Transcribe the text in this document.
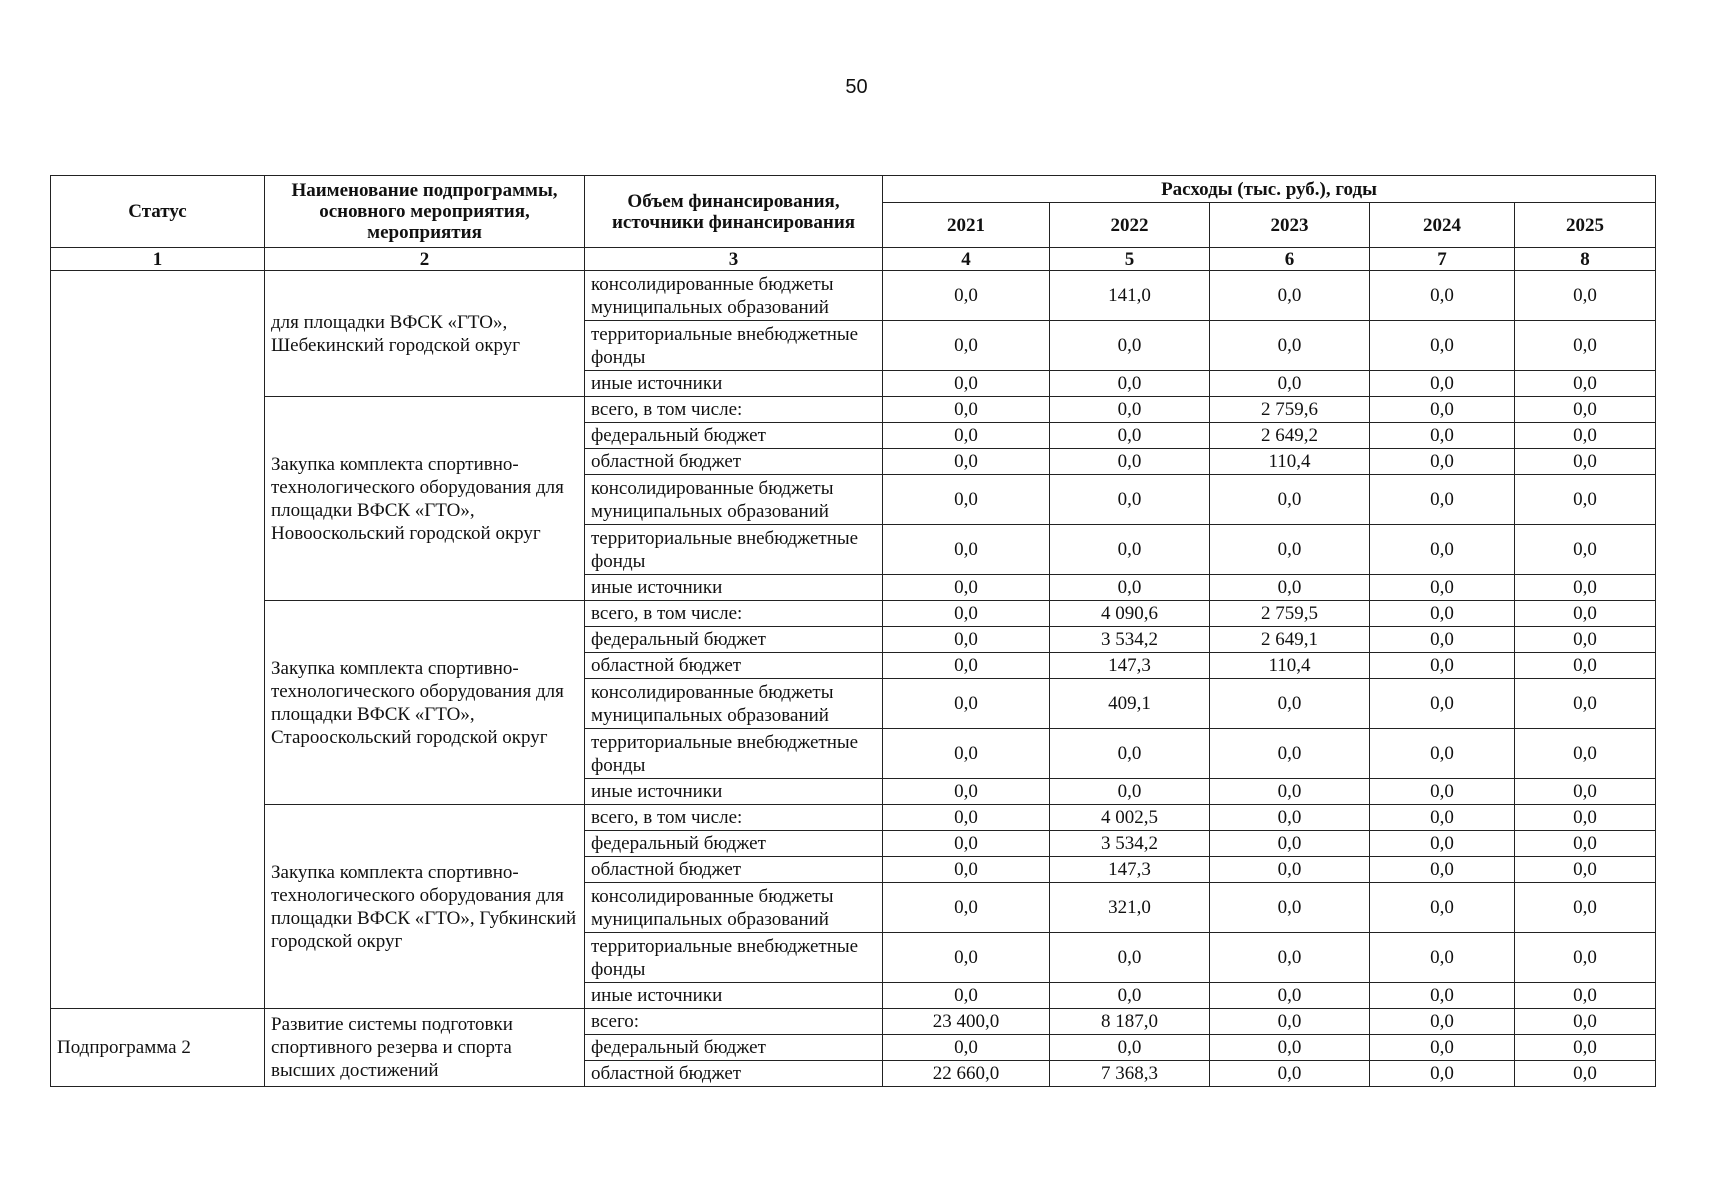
50
Статус	Наименование подпрограммы, основного мероприятия, мероприятия	Объем финансирования, источники финансирования	Расходы (тыс. руб.), годы				
			2021	2022	2023	2024	2025
1	2	3	4	5	6	7	8
	для площадки ВФСК «ГТО», Шебекинский городской округ	консолидированные бюджеты муниципальных образований	0,0	141,0	0,0	0,0	0,0
		территориальные внебюджетные фонды	0,0	0,0	0,0	0,0	0,0
		иные источники	0,0	0,0	0,0	0,0	0,0
	Закупка комплекта спортивно-технологического оборудования для площадки ВФСК «ГТО», Новооскольский городской округ	всего, в том числе:	0,0	0,0	2 759,6	0,0	0,0
		федеральный бюджет	0,0	0,0	2 649,2	0,0	0,0
		областной бюджет	0,0	0,0	110,4	0,0	0,0
		консолидированные бюджеты муниципальных образований	0,0	0,0	0,0	0,0	0,0
		территориальные внебюджетные фонды	0,0	0,0	0,0	0,0	0,0
		иные источники	0,0	0,0	0,0	0,0	0,0
	Закупка комплекта спортивно-технологического оборудования для площадки ВФСК «ГТО», Старооскольский городской округ	всего, в том числе:	0,0	4 090,6	2 759,5	0,0	0,0
		федеральный бюджет	0,0	3 534,2	2 649,1	0,0	0,0
		областной бюджет	0,0	147,3	110,4	0,0	0,0
		консолидированные бюджеты муниципальных образований	0,0	409,1	0,0	0,0	0,0
		территориальные внебюджетные фонды	0,0	0,0	0,0	0,0	0,0
		иные источники	0,0	0,0	0,0	0,0	0,0
	Закупка комплекта спортивно-технологического оборудования для площадки ВФСК «ГТО», Губкинский городской округ	всего, в том числе:	0,0	4 002,5	0,0	0,0	0,0
		федеральный бюджет	0,0	3 534,2	0,0	0,0	0,0
		областной бюджет	0,0	147,3	0,0	0,0	0,0
		консолидированные бюджеты муниципальных образований	0,0	321,0	0,0	0,0	0,0
		территориальные внебюджетные фонды	0,0	0,0	0,0	0,0	0,0
		иные источники	0,0	0,0	0,0	0,0	0,0
Подпрограмма 2	Развитие системы подготовки спортивного резерва и спорта высших достижений	всего:	23 400,0	8 187,0	0,0	0,0	0,0
		федеральный бюджет	0,0	0,0	0,0	0,0	0,0
		областной бюджет	22 660,0	7 368,3	0,0	0,0	0,0
